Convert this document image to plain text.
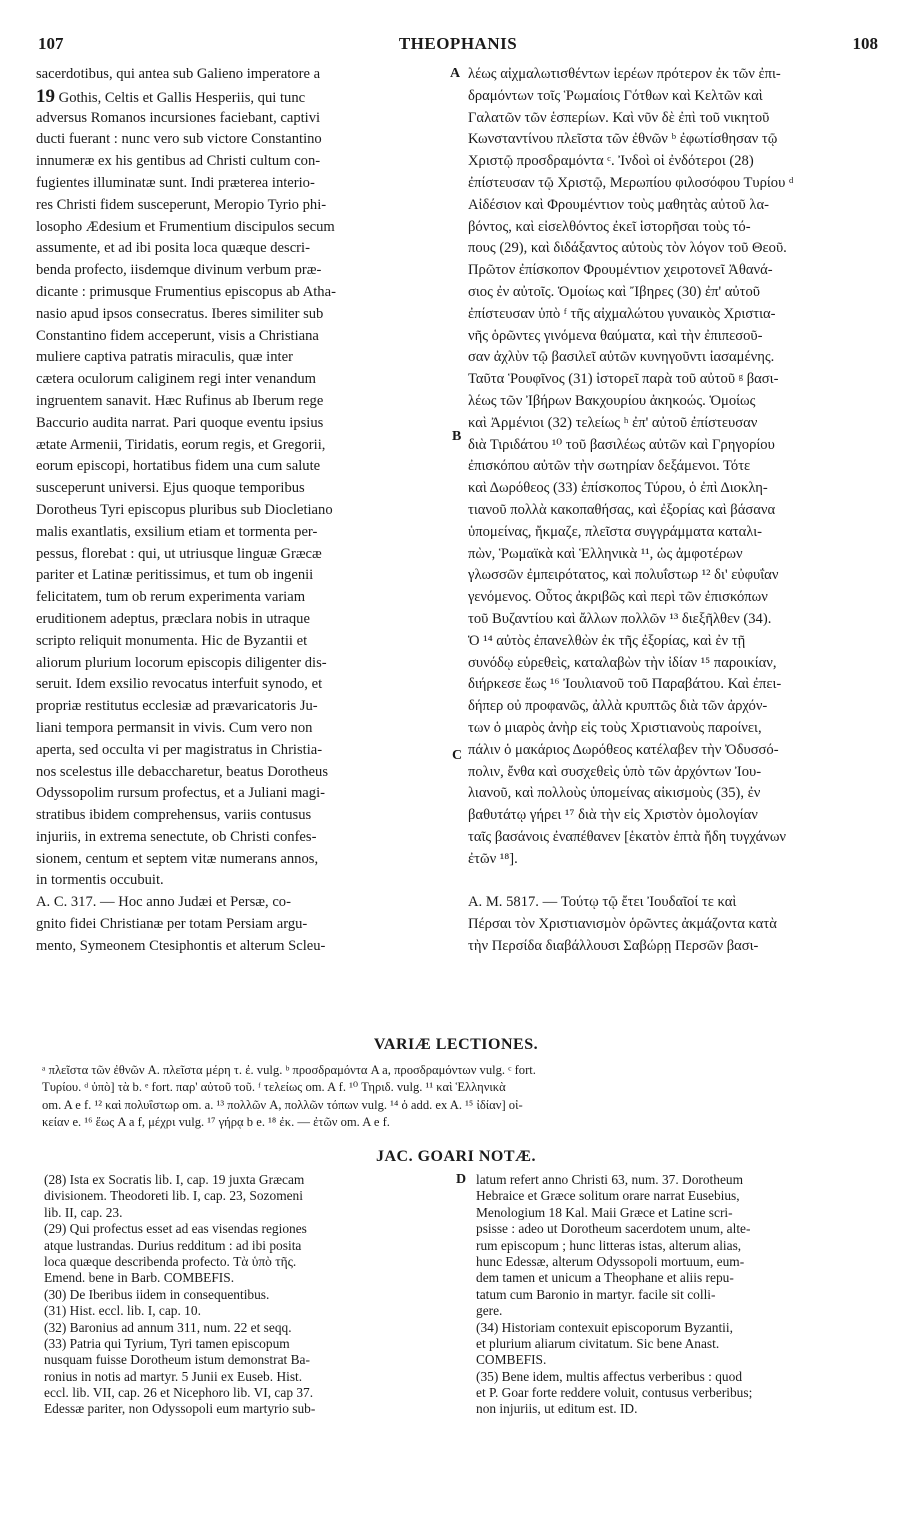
107	THEOPHANIS	108
A
B
C
D
sacerdotibus, qui antea sub Galieno imperatore a
19 Gothis, Celtis et Gallis Hesperiis, qui tunc
adversus Romanos incursiones faciebant, captivi
ducti fuerant : nunc vero sub victore Constantino
innumeræ ex his gentibus ad Christi cultum con-
fugientes illuminatæ sunt. Indi præterea interio-
res Christi fidem susceperunt, Meropio Tyrio phi-
losopho Ædesium et Frumentium discipulos secum
assumente, et ad ibi posita loca quæque descri-
benda profecto, iisdemque divinum verbum præ-
dicante : primusque Frumentius episcopus ab Atha-
nasio apud ipsos consecratus. Iberes similiter sub
Constantino fidem acceperunt, visis a Christiana
muliere captiva patratis miraculis, quæ inter
cætera oculorum caliginem regi inter venandum
ingruentem sanavit. Hæc Rufinus ab Iberum rege
Baccurio audita narrat. Pari quoque eventu ipsius
ætate Armenii, Tiridatis, eorum regis, et Gregorii,
eorum episcopi, hortatibus fidem una cum salute
susceperunt universi. Ejus quoque temporibus
Dorotheus Tyri episcopus pluribus sub Diocletiano
malis exantlatis, exsilium etiam et tormenta per-
pessus, florebat : qui, ut utriusque linguæ Græcæ
pariter et Latinæ peritissimus, et tum ob ingenii
felicitatem, tum ob rerum experimenta variam
eruditionem adeptus, præclara nobis in utraque
scripto reliquit monumenta. Hic de Byzantii et
aliorum plurium locorum episcopis diligenter dis-
seruit. Idem exsilio revocatus interfuit synodo, et
propriæ restitutus ecclesiæ ad prævaricatoris Ju-
liani tempora permansit in vivis. Cum vero non
aperta, sed occulta vi per magistratus in Christia-
nos scelestus ille debaccharetur, beatus Dorotheus
Odyssopolim rursum profectus, et a Juliani magi-
stratibus ibidem comprehensus, variis contusus
injuriis, in extrema senectute, ob Christi confes-
sionem, centum et septem vitæ numerans annos,
in tormentis occubuit.
A. C. 317. — Hoc anno Judæi et Persæ, co-
gnito fidei Christianæ per totam Persiam argu-
mento, Symeonem Ctesiphontis et alterum Scleu-
λέως αἰχμαλωτισθέντων ἱερέων πρότερον ἐκ τῶν ἐπι-
δραμόντων τοῖς Ῥωμαίοις Γότθων καὶ Κελτῶν καὶ
Γαλατῶν τῶν ἑσπερίων. Καὶ νῦν δὲ ἐπὶ τοῦ νικητοῦ
Κωνσταντίνου πλεῖστα τῶν ἐθνῶν ᵇ ἐφωτίσθησαν τῷ
Χριστῷ προσδραμόντα ᶜ. Ἰνδοὶ οἱ ἐνδότεροι (28)
ἐπίστευσαν τῷ Χριστῷ, Μερωπίου φιλοσόφου Τυρίου ᵈ
Αἰδέσιον καὶ Φρουμέντιον τοὺς μαθητὰς αὐτοῦ λα-
βόντος, καὶ εἰσελθόντος ἐκεῖ ἱστορῆσαι τοὺς τό-
πους (29), καὶ διδάξαντος αὐτοὺς τὸν λόγον τοῦ Θεοῦ.
Πρῶτον ἐπίσκοπον Φρουμέντιον χειροτονεῖ Ἀθανά-
σιος ἐν αὐτοῖς. Ὁμοίως καὶ Ἴβηρες (30) ἐπ' αὐτοῦ
ἐπίστευσαν ὑπὸ ᶠ τῆς αἰχμαλώτου γυναικὸς Χριστια-
νῆς ὁρῶντες γινόμενα θαύματα, καὶ τὴν ἐπιπεσοῦ-
σαν ἀχλὺν τῷ βασιλεῖ αὐτῶν κυνηγοῦντι ἰασαμένης.
Ταῦτα Ῥουφῖνος (31) ἱστορεῖ παρὰ τοῦ αὐτοῦ ᵍ βασι-
λέως τῶν Ἰβήρων Βακχουρίου ἀκηκοώς. Ὁμοίως
καὶ Ἀρμένιοι (32) τελείως ʰ ἐπ' αὐτοῦ ἐπίστευσαν
διὰ Τιριδάτου ¹⁰ τοῦ βασιλέως αὐτῶν καὶ Γρηγορίου
ἐπισκόπου αὐτῶν τὴν σωτηρίαν δεξάμενοι. Τότε
καὶ Δωρόθεος (33) ἐπίσκοπος Τύρου, ὁ ἐπὶ Διοκλη-
τιανοῦ πολλὰ κακοπαθήσας, καὶ ἐξορίας καὶ βάσανα
ὑπομείνας, ἤκμαζε, πλεῖστα συγγράμματα καταλι-
πὼν, Ῥωμαϊκὰ καὶ Ἑλληνικὰ ¹¹, ὡς ἀμφοτέρων
γλωσσῶν ἐμπειρότατος, καὶ πολυΐστωρ ¹² δι' εὐφυΐαν
γενόμενος. Οὗτος ἀκριβῶς καὶ περὶ τῶν ἐπισκόπων
τοῦ Βυζαντίου καὶ ἄλλων πολλῶν ¹³ διεξῆλθεν (34).
Ὁ ¹⁴ αὐτὸς ἐπανελθὼν ἐκ τῆς ἐξορίας, καὶ ἐν τῇ
συνόδῳ εὑρεθεὶς, καταλαβὼν τὴν ἰδίαν ¹⁵ παροικίαν,
διήρκεσε ἕως ¹⁶ Ἰουλιανοῦ τοῦ Παραβάτου. Καὶ ἐπει-
δήπερ οὐ προφανῶς, ἀλλὰ κρυπτῶς διὰ τῶν ἀρχόν-
των ὁ μιαρὸς ἀνὴρ εἰς τοὺς Χριστιανοὺς παροίνει,
πάλιν ὁ μακάριος Δωρόθεος κατέλαβεν τὴν Ὀδυσσό-
πολιν, ἔνθα καὶ συσχεθεὶς ὑπὸ τῶν ἀρχόντων Ἰου-
λιανοῦ, καὶ πολλοὺς ὑπομείνας αἰκισμοὺς (35), ἐν
βαθυτάτῳ γήρει ¹⁷ διὰ τὴν εἰς Χριστὸν ὁμολογίαν
ταῖς βασάνοις ἐναπέθανεν [ἑκατὸν ἑπτὰ ἤδη τυγχάνων
ἐτῶν ¹⁸].
A. M. 5817. — Τούτῳ τῷ ἔτει Ἰουδαῖοί τε καὶ
Πέρσαι τὸν Χριστιανισμὸν ὁρῶντες ἀκμάζοντα κατὰ
τὴν Περσίδα διαβάλλουσι Σαβώρῃ Περσῶν βασι-
VARIÆ LECTIONES.
ᵃ πλεῖστα τῶν ἐθνῶν A. πλεῖστα μέρη τ. ἐ. vulg. ᵇ προσδραμόντα A a, προσδραμόντων vulg. ᶜ fort.
Τυρίου. ᵈ ὑπὸ] τὰ b. ᵉ fort. παρ' αὐτοῦ τοῦ. ᶠ τελείως om. A f. ¹⁰ Τηριδ. vulg. ¹¹ καὶ Ἑλληνικὰ
om. A e f. ¹² καὶ πολυΐστωρ om. a. ¹³ πολλῶν A, πολλῶν τόπων vulg. ¹⁴ ὁ add. ex A. ¹⁵ ἰδίαν] οἰ-
κείαν e. ¹⁶ ἕως A a f, μέχρι vulg. ¹⁷ γήρᾳ b e. ¹⁸ ἐκ. — ἐτῶν om. A e f.
JAC. GOARI NOTÆ.
(28) Ista ex Socratis lib. I, cap. 19 juxta Græcam
divisionem. Theodoreti lib. I, cap. 23, Sozomeni
lib. II, cap. 23.
(29) Qui profectus esset ad eas visendas regiones
atque lustrandas. Durius redditum : ad ibi posita
loca quæque describenda profecto. Τὰ ὑπὸ τῆς.
Emend. bene in Barb. COMBEFIS.
(30) De Iberibus iidem in consequentibus.
(31) Hist. eccl. lib. I, cap. 10.
(32) Baronius ad annum 311, num. 22 et seqq.
(33) Patria qui Tyrium, Tyri tamen episcopum
nusquam fuisse Dorotheum istum demonstrat Ba-
ronius in notis ad martyr. 5 Junii ex Euseb. Hist.
eccl. lib. VII, cap. 26 et Nicephoro lib. VI, cap 37.
Edessæ pariter, non Odyssopoli eum martyrio sub-
latum refert anno Christi 63, num. 37. Dorotheum
Hebraice et Græce solitum orare narrat Eusebius,
Menologium 18 Kal. Maii Græce et Latine scri-
psisse : adeo ut Dorotheum sacerdotem unum, alte-
rum episcopum ; hunc litteras istas, alterum alias,
hunc Edessæ, alterum Odyssopoli mortuum, eum-
dem tamen et unicum a Theophane et aliis repu-
tatum cum Baronio in martyr. facile sit colli-
gere.
(34) Historiam contexuit episcoporum Byzantii,
et plurium aliarum civitatum. Sic bene Anast.
COMBEFIS.
(35) Bene idem, multis affectus verberibus : quod
et P. Goar forte reddere voluit, contusus verberibus;
non injuriis, ut editum est. ID.
